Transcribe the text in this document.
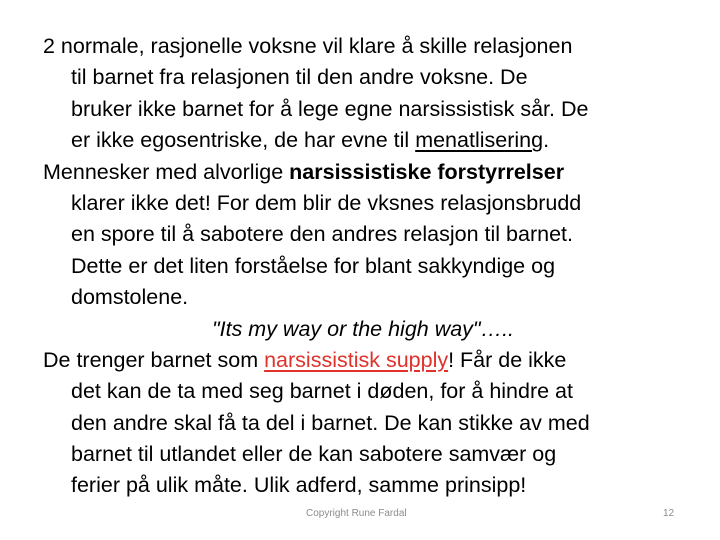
2 normale, rasjonelle voksne vil klare å skille relasjonen
til barnet fra relasjonen til den andre voksne. De
bruker ikke barnet for å lege egne narsissistisk sår. De
er ikke egosentriske, de har evne til menatlisering.
Mennesker med alvorlige narsissistiske forstyrrelser
klarer ikke det! For dem blir de vksnes relasjonsbrudd
en spore til å sabotere den andres relasjon til barnet.
Dette er det liten forståelse for blant sakkyndige og
domstolene.
"Its my way or the high way"…..
De trenger barnet som narsissistisk supply! Får de ikke
det kan de ta med seg barnet i døden, for å hindre at
den andre skal få ta del i barnet. De kan stikke av med
barnet til utlandet eller de kan sabotere samvær og
ferier på ulik måte. Ulik adferd, samme prinsipp!
Copyright Rune Fardal	12
